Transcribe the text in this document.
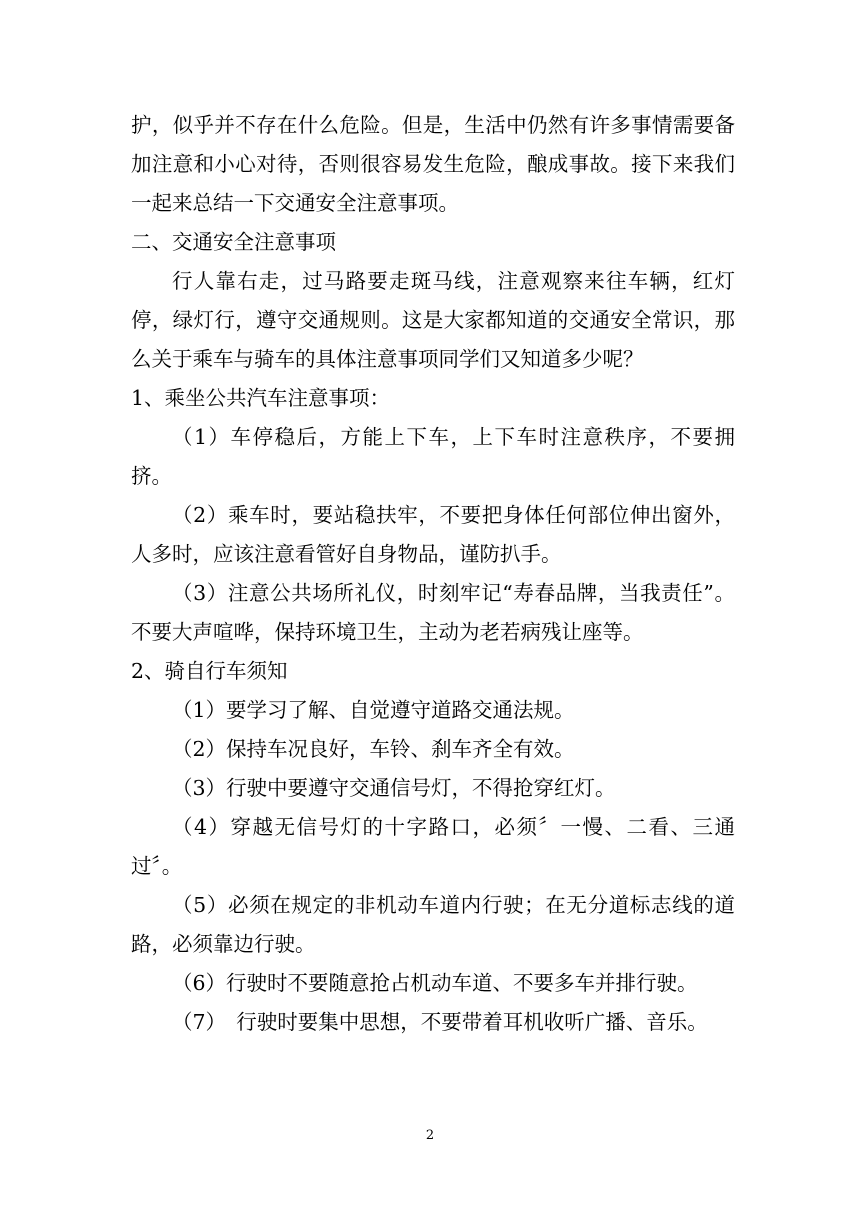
护，似乎并不存在什么危险。但是，生活中仍然有许多事情需要备加注意和小心对待，否则很容易发生危险，酿成事故。接下来我们一起来总结一下交通安全注意事项。

二、交通安全注意事项

行人靠右走，过马路要走斑马线，注意观察来往车辆，红灯停，绿灯行，遵守交通规则。这是大家都知道的交通安全常识，那么关于乘车与骑车的具体注意事项同学们又知道多少呢？

1、乘坐公共汽车注意事项：

（1）车停稳后，方能上下车，上下车时注意秩序，不要拥挤。

（2）乘车时，要站稳扶牢，不要把身体任何部位伸出窗外，人多时，应该注意看管好自身物品，谨防扒手。

（3）注意公共场所礼仪，时刻牢记“寿春品牌，当我责任”。不要大声喧哗，保持环境卫生，主动为老若病残让座等。

2、骑自行车须知

（1）要学习了解、自觉遵守道路交通法规。

（2）保持车况良好，车铃、刹车齐全有效。

（3）行驶中要遵守交通信号灯，不得抢穿红灯。

（4）穿越无信号灯的十字路口，必须〞一慢、二看、三通过〞。

（5）必须在规定的非机动车道内行驶；在无分道标志线的道路，必须靠边行驶。

（6）行驶时不要随意抢占机动车道、不要多车并排行驶。

（7）　行驶时要集中思想，不要带着耳机收听广播、音乐。

2
